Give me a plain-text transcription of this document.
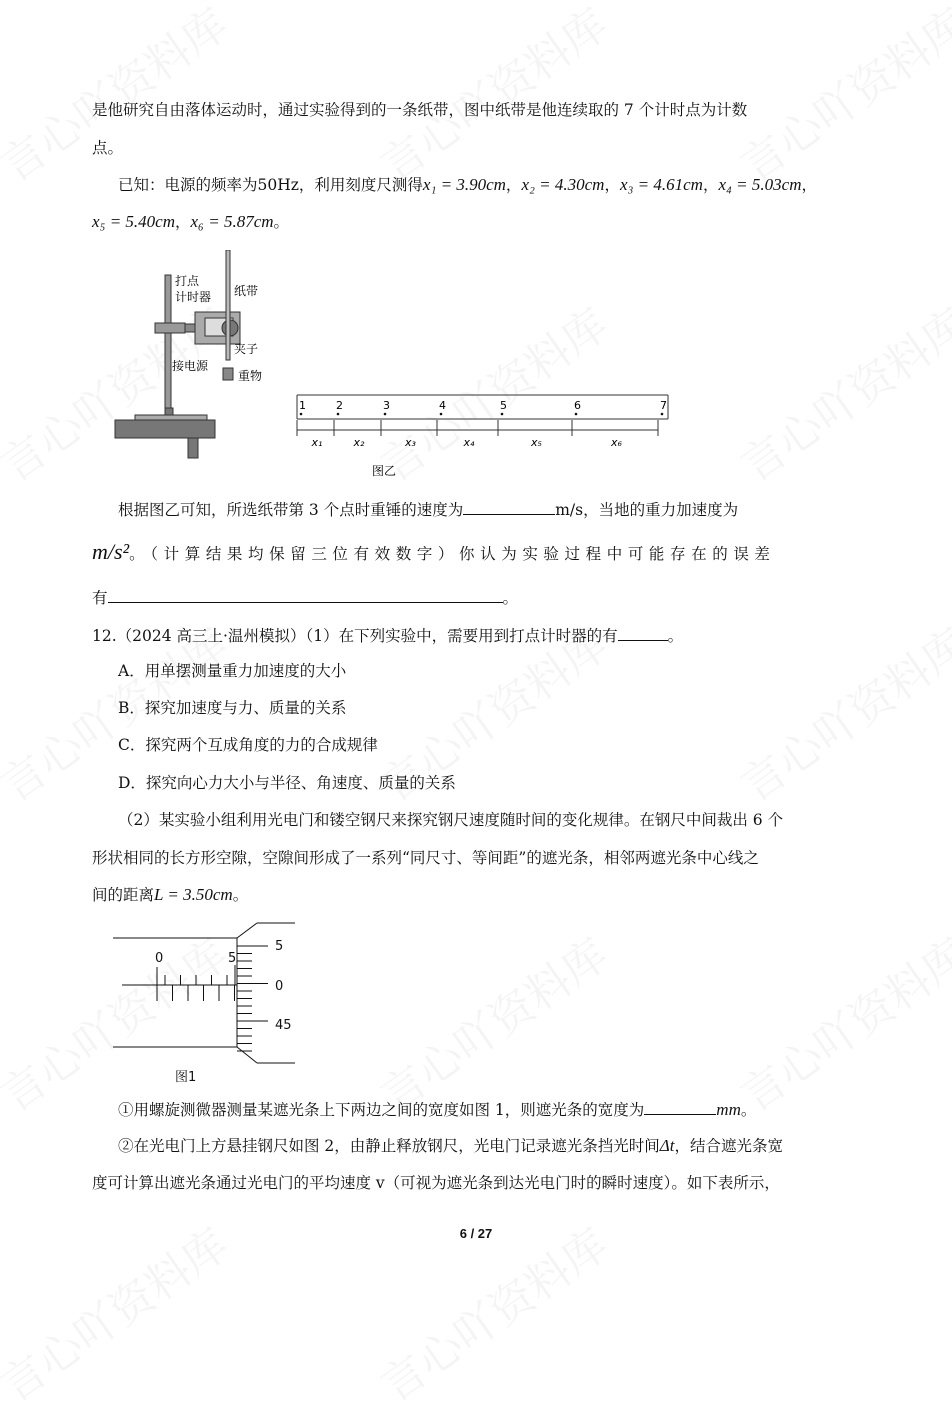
是他研究自由落体运动时，通过实验得到的一条纸带，图中纸带是他连续取的 7 个计时点为计数
点。
已知：电源的频率为50Hz，利用刻度尺测得x₁ = 3.90cm，x₂ = 4.30cm，x₃ = 4.61cm，x₄ = 5.03cm，
x₅ = 5.40cm，x₆ = 5.87cm。
打点
计时器 纸带
夹子
接电源
重物
1
x₁
2
x₂
3
x₃
4
x₄
5
x₅
6
x₆
7
图乙
根据图乙可知，所选纸带第 3 个点时重锤的速度为	m/s，当地的重力加速度为
m/s²。（计算结果均保留三位有效数字）你认为实验过程中可能存在的误差
有	。
12.（2024 高三上·温州模拟）（1）在下列实验中，需要用到打点计时器的有	。
A．用单摆测量重力加速度的大小
B．探究加速度与力、质量的关系
C．探究两个互成角度的力的合成规律
D．探究向心力大小与半径、角速度、质量的关系
（2）某实验小组利用光电门和镂空钢尺来探究钢尺速度随时间的变化规律。在钢尺中间裁出 6 个
形状相同的长方形空隙，空隙间形成了一系列“同尺寸、等间距”的遮光条，相邻两遮光条中心线之
间的距离L = 3.50cm。
0	5
5
0
45
图1
①用螺旋测微器测量某遮光条上下两边之间的宽度如图 1，则遮光条的宽度为	mm。
②在光电门上方悬挂钢尺如图 2，由静止释放钢尺，光电门记录遮光条挡光时间Δt，结合遮光条宽
度可计算出遮光条通过光电门的平均速度 v（可视为遮光条到达光电门时的瞬时速度）。如下表所示，
6 / 27
